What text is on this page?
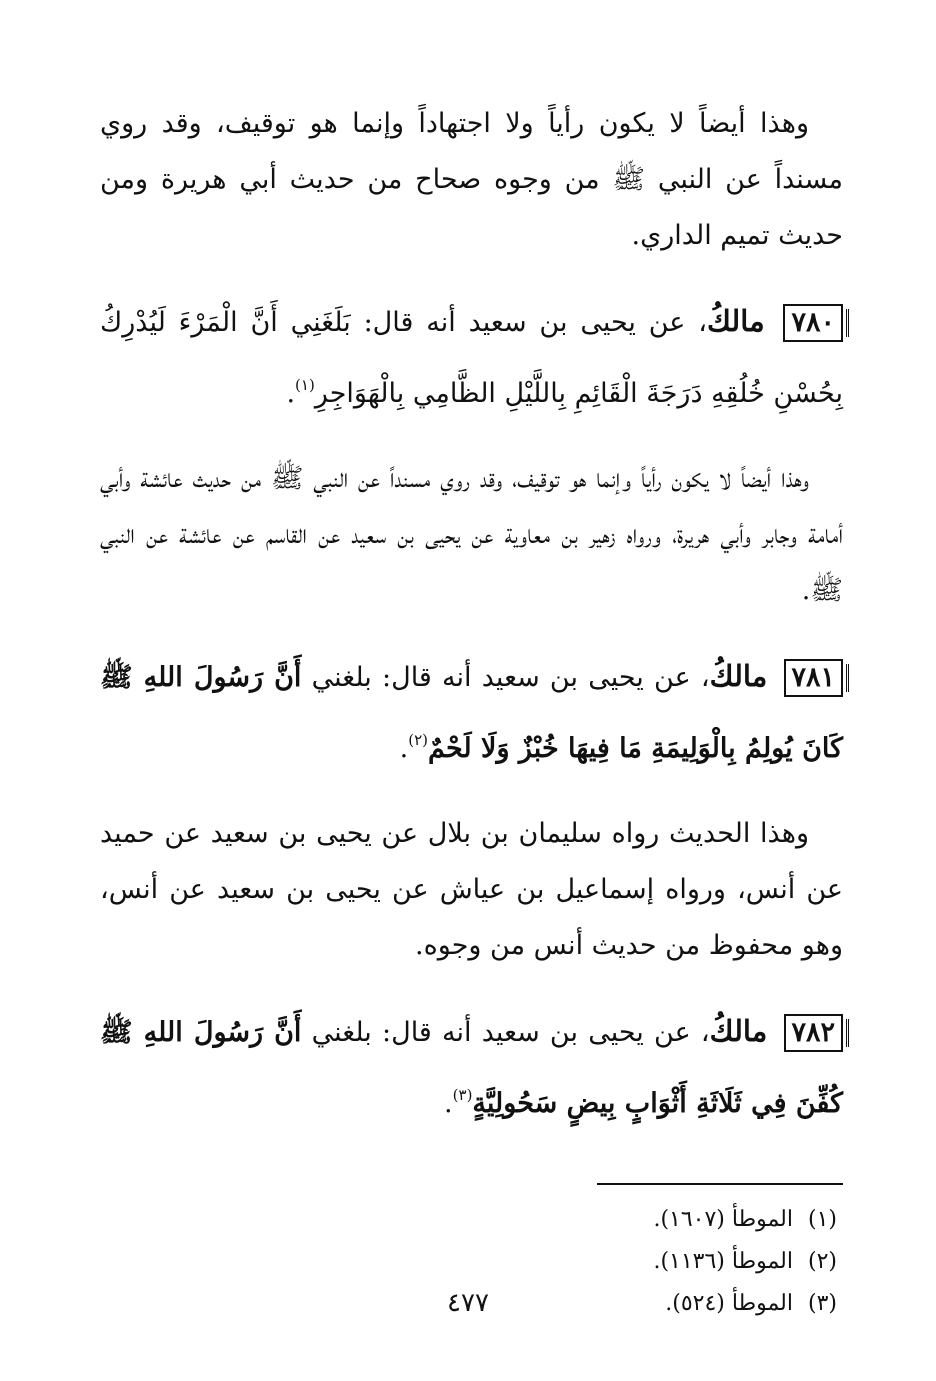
وهذا أيضاً لا يكون رأياً ولا اجتهاداً وإنما هو توقيف، وقد روي مسنداً عن النبي ﷺ من وجوه صحاح من حديث أبي هريرة ومن حديث تميم الداري.

٧٨٠ مالكُ، عن يحيى بن سعيد أنه قال: بَلَغَنِي أَنَّ الْمَرْءَ لَيُدْرِكُ بِحُسْنِ خُلُقِهِ دَرَجَةَ الْقَائِمِ بِاللَّيْلِ الظَّامِي بِالْهَوَاجِرِ$^{(١)}$.

وهذا أيضاً لا يكون رأياً وإنما هو توقيف، وقد روي مسنداً عن النبي ﷺ من حديث عائشة وأبي أمامة وجابر وأبي هريرة، ورواه زهير بن معاوية عن يحيى بن سعيد عن القاسم عن عائشة عن النبي ﷺ.

٧٨١ مالكُ، عن يحيى بن سعيد أنه قال: بلغني أَنَّ رَسُولَ اللهِ ﷺ كَانَ يُولِمُ بِالْوَلِيمَةِ مَا فِيهَا خُبْزٌ وَلَا لَحْمٌ$^{(٢)}$.

وهذا الحديث رواه سليمان بن بلال عن يحيى بن سعيد عن حميد عن أنس، ورواه إسماعيل بن عياش عن يحيى بن سعيد عن أنس، وهو محفوظ من حديث أنس من وجوه.

٧٨٢ مالكُ، عن يحيى بن سعيد أنه قال: بلغني أَنَّ رَسُولَ اللهِ ﷺ كُفِّنَ فِي ثَلَاثَةِ أَثْوَابٍ بِيضٍ سَحُولِيَّةٍ$^{(٣)}$.

(١)الموطأ (١٦٠٧).

(٢)الموطأ (١١٣٦).

(٣)الموطأ (٥٢٤).

٤٧٧
